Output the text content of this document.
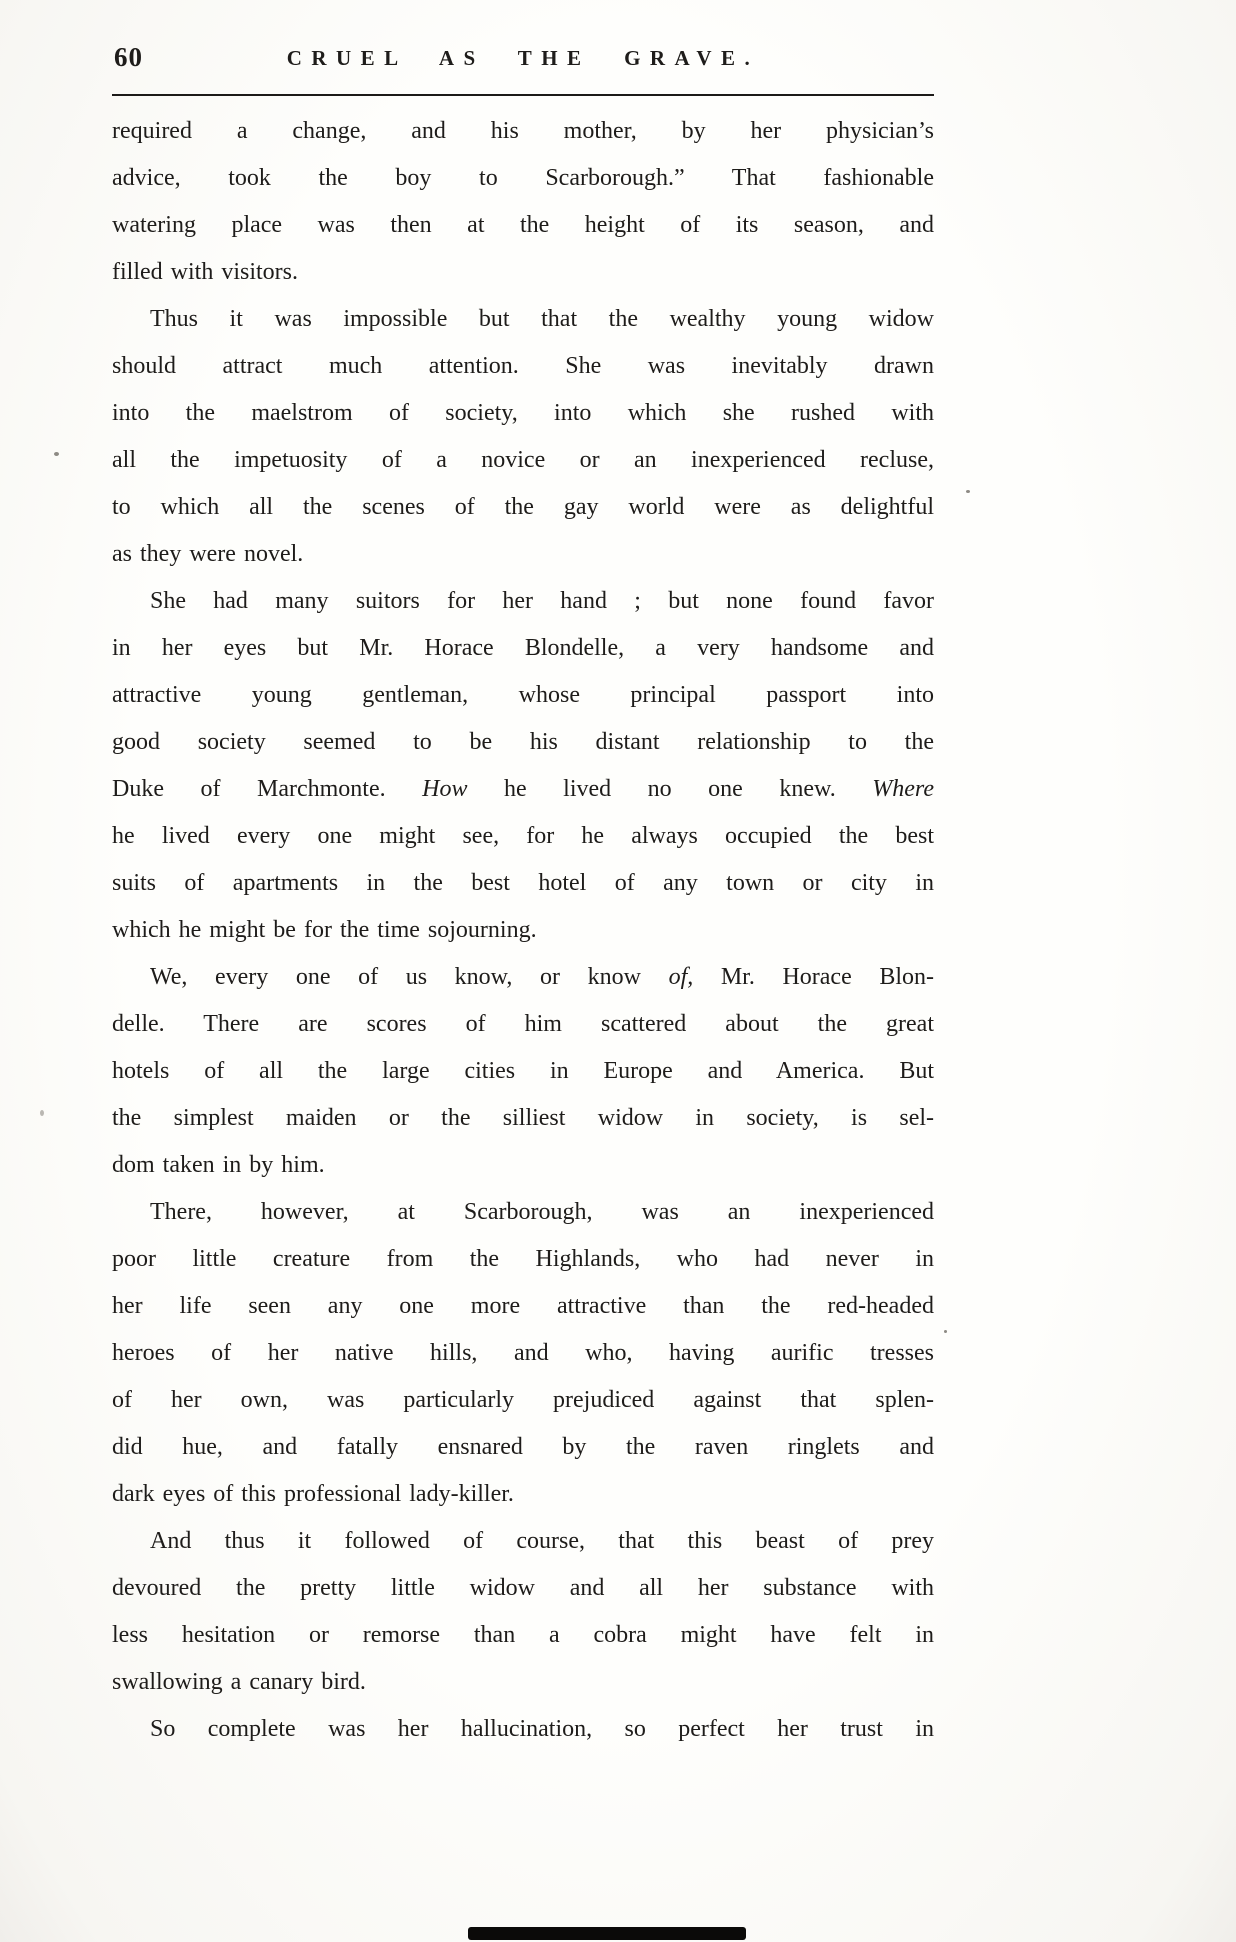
60	CRUEL AS THE GRAVE.
required a change, and his mother, by her physician’s
advice, took the boy to Scarborough.” That fashionable
watering place was then at the height of its season, and
filled with visitors.
Thus it was impossible but that the wealthy young widow
should attract much attention. She was inevitably drawn
into the maelstrom of society, into which she rushed with
all the impetuosity of a novice or an inexperienced recluse,
to which all the scenes of the gay world were as delightful
as they were novel.
She had many suitors for her hand ; but none found favor
in her eyes but Mr. Horace Blondelle, a very handsome and
attractive young gentleman, whose principal passport into
good society seemed to be his distant relationship to the
Duke of Marchmonte. How he lived no one knew. Where
he lived every one might see, for he always occupied the best
suits of apartments in the best hotel of any town or city in
which he might be for the time sojourning.
We, every one of us know, or know of, Mr. Horace Blon-
delle. There are scores of him scattered about the great
hotels of all the large cities in Europe and America. But
the simplest maiden or the silliest widow in society, is sel-
dom taken in by him.
There, however, at Scarborough, was an inexperienced
poor little creature from the Highlands, who had never in
her life seen any one more attractive than the red-headed
heroes of her native hills, and who, having aurific tresses
of her own, was particularly prejudiced against that splen-
did hue, and fatally ensnared by the raven ringlets and
dark eyes of this professional lady-killer.
And thus it followed of course, that this beast of prey
devoured the pretty little widow and all her substance with
less hesitation or remorse than a cobra might have felt in
swallowing a canary bird.
So complete was her hallucination, so perfect her trust in
